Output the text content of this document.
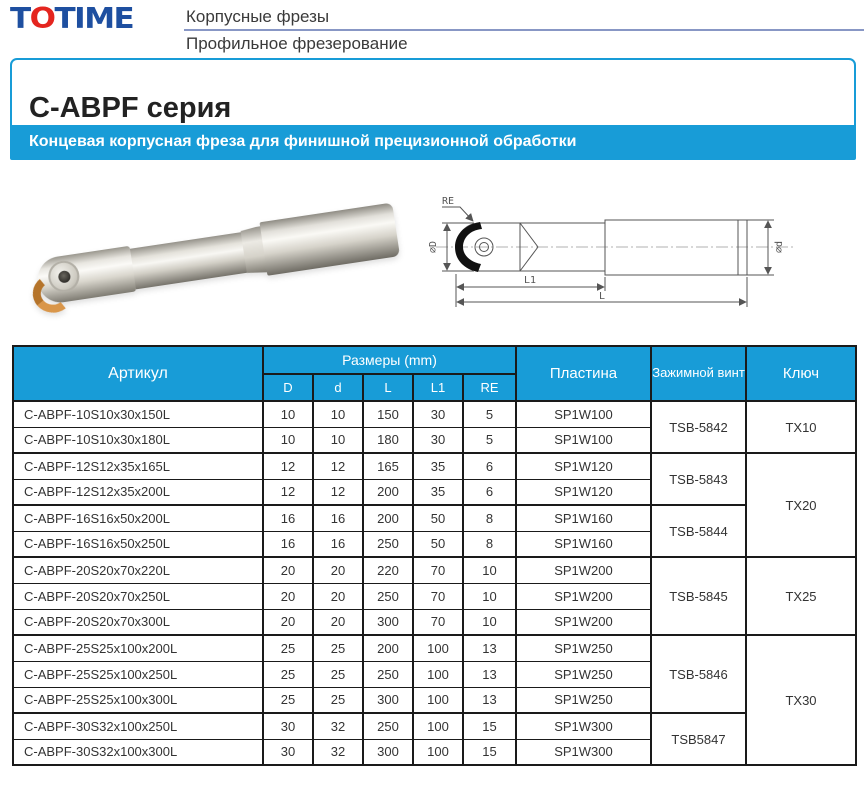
TOTIME	Корпусные фрезы
Профильное фрезерование
C-ABPF серия
Концевая корпусная фреза для финишной прецизионной обработки
RE
⌀D	⌀d
L1
L
Артикул	Размеры (mm)					Пластина	Зажимной винт	Ключ
	D	d	L	L1	RE			
C-ABPF-10S10x30x150L	10	10	150	30	5	SP1W100	TSB-5842	TX10
C-ABPF-10S10x30x180L	10	10	180	30	5	SP1W100		
C-ABPF-12S12x35x165L	12	12	165	35	6	SP1W120	TSB-5843	TX20
C-ABPF-12S12x35x200L	12	12	200	35	6	SP1W120		
C-ABPF-16S16x50x200L	16	16	200	50	8	SP1W160	TSB-5844	
C-ABPF-16S16x50x250L	16	16	250	50	8	SP1W160		
C-ABPF-20S20x70x220L	20	20	220	70	10	SP1W200	TSB-5845	TX25
C-ABPF-20S20x70x250L	20	20	250	70	10	SP1W200		
C-ABPF-20S20x70x300L	20	20	300	70	10	SP1W200		
C-ABPF-25S25x100x200L	25	25	200	100	13	SP1W250	TSB-5846	TX30
C-ABPF-25S25x100x250L	25	25	250	100	13	SP1W250		
C-ABPF-25S25x100x300L	25	25	300	100	13	SP1W250		
C-ABPF-30S32x100x250L	30	32	250	100	15	SP1W300	TSB5847	
C-ABPF-30S32x100x300L	30	32	300	100	15	SP1W300		
